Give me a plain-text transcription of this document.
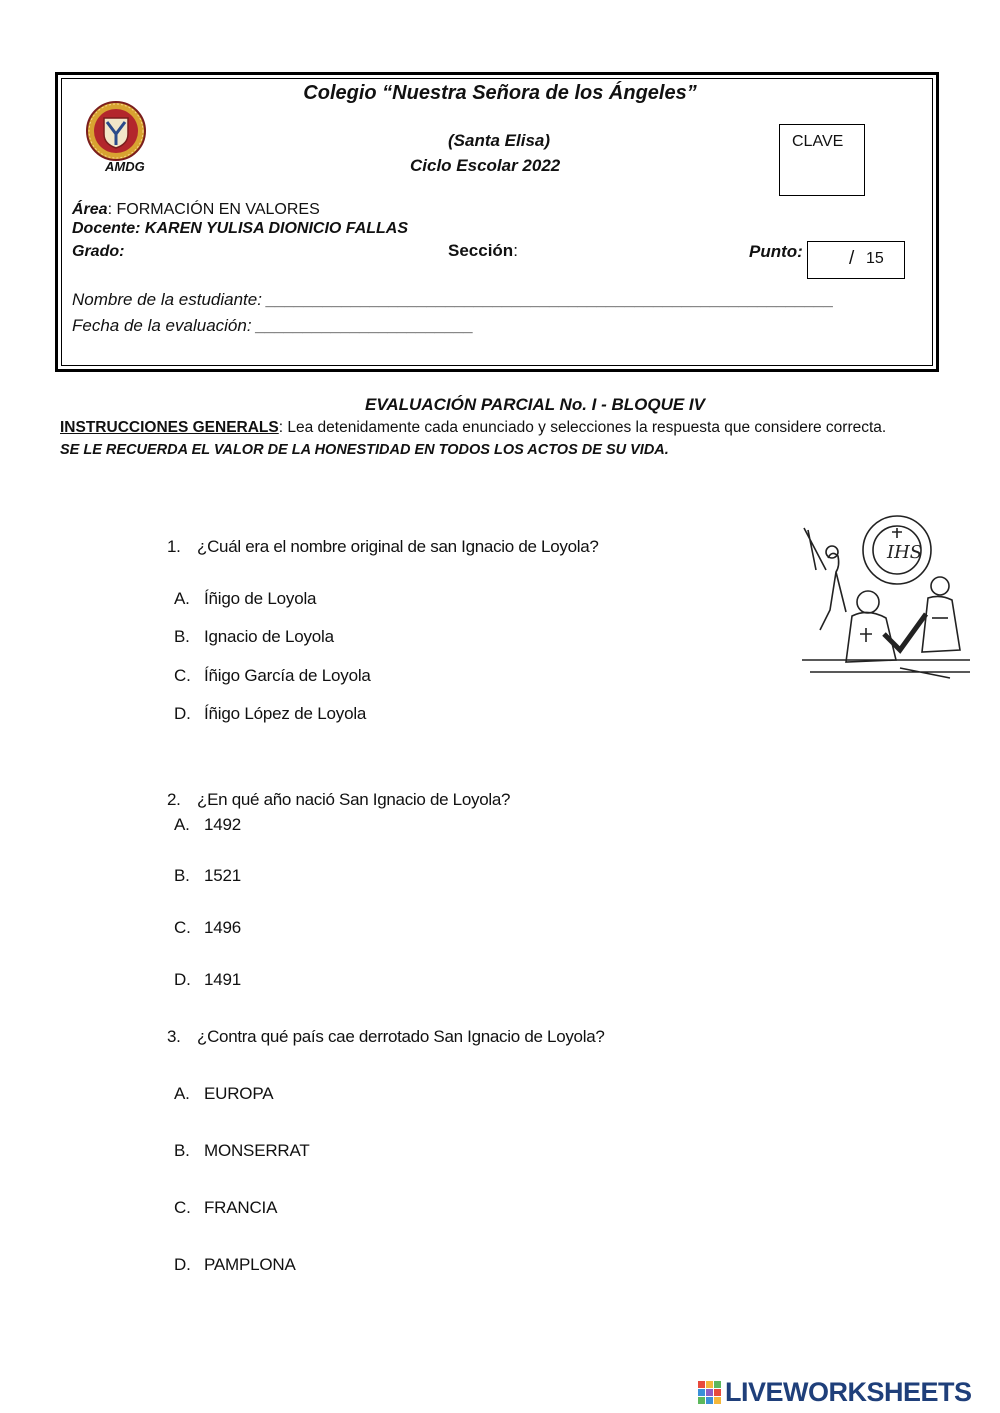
Colegio “Nuestra Señora de los Ángeles”
(Santa Elisa)
Ciclo Escolar 2022
AMDG
CLAVE
Área: FORMACIÓN EN VALORES
Docente: KAREN YULISA DIONICIO FALLAS
Grado:	Sección:	Punto: / 15
Nombre de la estudiante: ____________________________________________________________
Fecha de la evaluación: _______________________
EVALUACIÓN PARCIAL No. I - BLOQUE IV
INSTRUCCIONES GENERALS: Lea detenidamente cada enunciado y selecciones la respuesta que considere correcta.
SE LE RECUERDA EL VALOR DE LA HONESTIDAD EN TODOS LOS ACTOS DE SU VIDA.
1. ¿Cuál era el nombre original de san Ignacio de Loyola?
A. Íñigo de Loyola
B. Ignacio de Loyola
C. Íñigo García de Loyola
D. Íñigo López de Loyola
2. ¿En qué año nació San Ignacio de Loyola?
A. 1492
B. 1521
C. 1496
D. 1491
3. ¿Contra qué país cae derrotado San Ignacio de Loyola?
A. EUROPA
B. MONSERRAT
C. FRANCIA
D. PAMPLONA
IHS
LIVEWORKSHEETS
